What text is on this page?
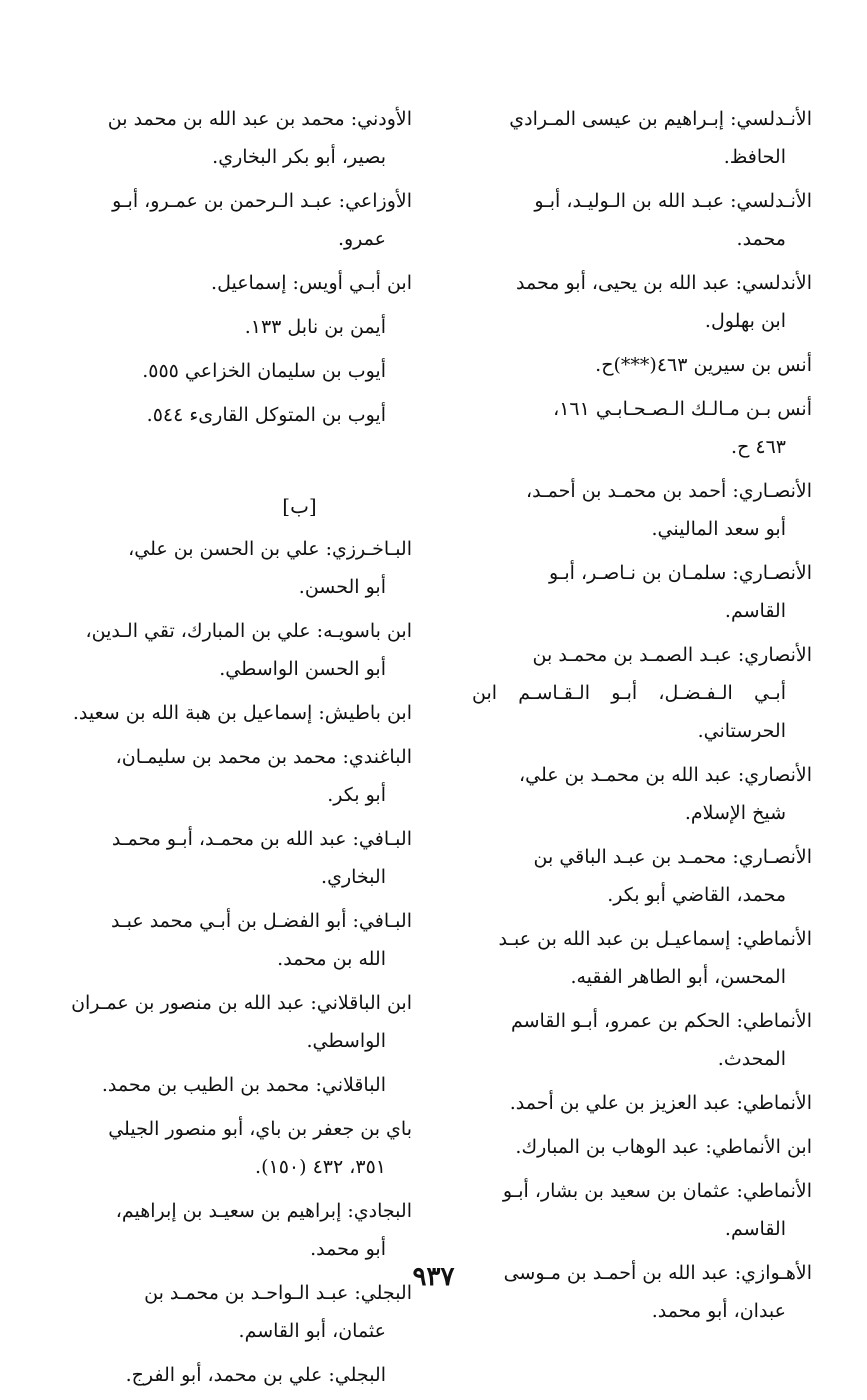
الأنـدلسي: إبـراهيم بن عيسى المـرادي
الحافظ.
الأنـدلسي: عبـد الله بن الـوليـد، أبـو
محمد.
الأندلسي: عبد الله بن يحيى، أبو محمد
ابن بهلول.
أنس بن سيرين ٤٦٣(***)ح.
أنس بـن مـالـك الـصـحـابـي ١٦١،
٤٦٣ ح.
الأنصـاري: أحمد بن محمـد بن أحمـد،
أبو سعد الماليني.
الأنصـاري: سلمـان بن نـاصـر، أبـو
القاسم.
الأنصاري: عبـد الصمـد بن محمـد بن
أبـي الـفـضـل، أبـو الـقـاسـم ابن الحرستاني.
الأنصاري: عبد الله بن محمـد بن علي،
شيخ الإسلام.
الأنصـاري: محمـد بن عبـد الباقي بن
محمد، القاضي أبو بكر.
الأنماطي: إسماعيـل بن عبد الله بن عبـد
المحسن، أبو الطاهر الفقيه.
الأنماطي: الحكم بن عمرو، أبـو القاسم
المحدث.
الأنماطي: عبد العزيز بن علي بن أحمد.
ابن الأنماطي: عبد الوهاب بن المبارك.
الأنماطي: عثمان بن سعيد بن بشار، أبـو
القاسم.
الأهـوازي: عبد الله بن أحمـد بن مـوسى
عبدان، أبو محمد.
الأودني: محمد بن عبد الله بن محمد بن
بصير، أبو بكر البخاري.
الأوزاعي: عبـد الـرحمن بن عمـرو، أبـو
عمرو.
ابن أبـي أويس: إسماعيل.
أيمن بن نابل ١٣٣.
أيوب بن سليمان الخزاعي ٥٥٥.
أيوب بن المتوكل القارىء ٥٤٤.
[ب]
البـاخـرزي: علي بن الحسن بن علي،
أبو الحسن.
ابن باسويـه: علي بن المبارك، تقي الـدين،
أبو الحسن الواسطي.
ابن باطيش: إسماعيل بن هبة الله بن سعيد.
الباغندي: محمد بن محمد بن سليمـان،
أبو بكر.
البـافي: عبد الله بن محمـد، أبـو محمـد
البخاري.
البـافي: أبو الفضـل بن أبـي محمد عبـد
الله بن محمد.
ابن الباقلاني: عبد الله بن منصور بن عمـران
الواسطي.
الباقلاني: محمد بن الطيب بن محمد.
باي بن جعفر بن باي، أبو منصور الجيلي
٣٥١، ٤٣٢ (١٥٠).
البجادي: إبراهيم بن سعيـد بن إبراهيم،
أبو محمد.
البجلي: عبـد الـواحـد بن محمـد بن
عثمان، أبو القاسم.
البجلي: علي بن محمد، أبو الفرج.
٩٣٧
